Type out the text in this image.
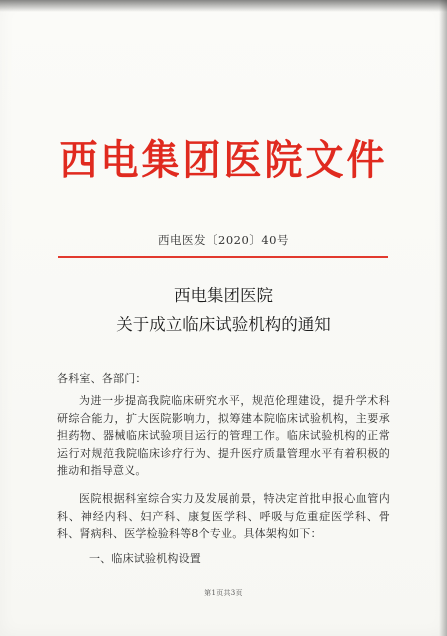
西电集团医院文件
西电医发〔2020〕40号
西电集团医院
关于成立临床试验机构的通知
各科室、各部门：
为进一步提高我院临床研究水平，规范伦理建设，提升学术科研综合能力，扩大医院影响力，拟筹建本院临床试验机构，主要承担药物、器械临床试验项目运行的管理工作。临床试验机构的正常运行对规范我院临床诊疗行为、提升医疗质量管理水平有着积极的推动和指导意义。
医院根据科室综合实力及发展前景，特决定首批申报心血管内科、神经内科、妇产科、康复医学科、呼吸与危重症医学科、骨科、肾病科、医学检验科等8个专业。具体架构如下：
一、临床试验机构设置
第1页共3页
